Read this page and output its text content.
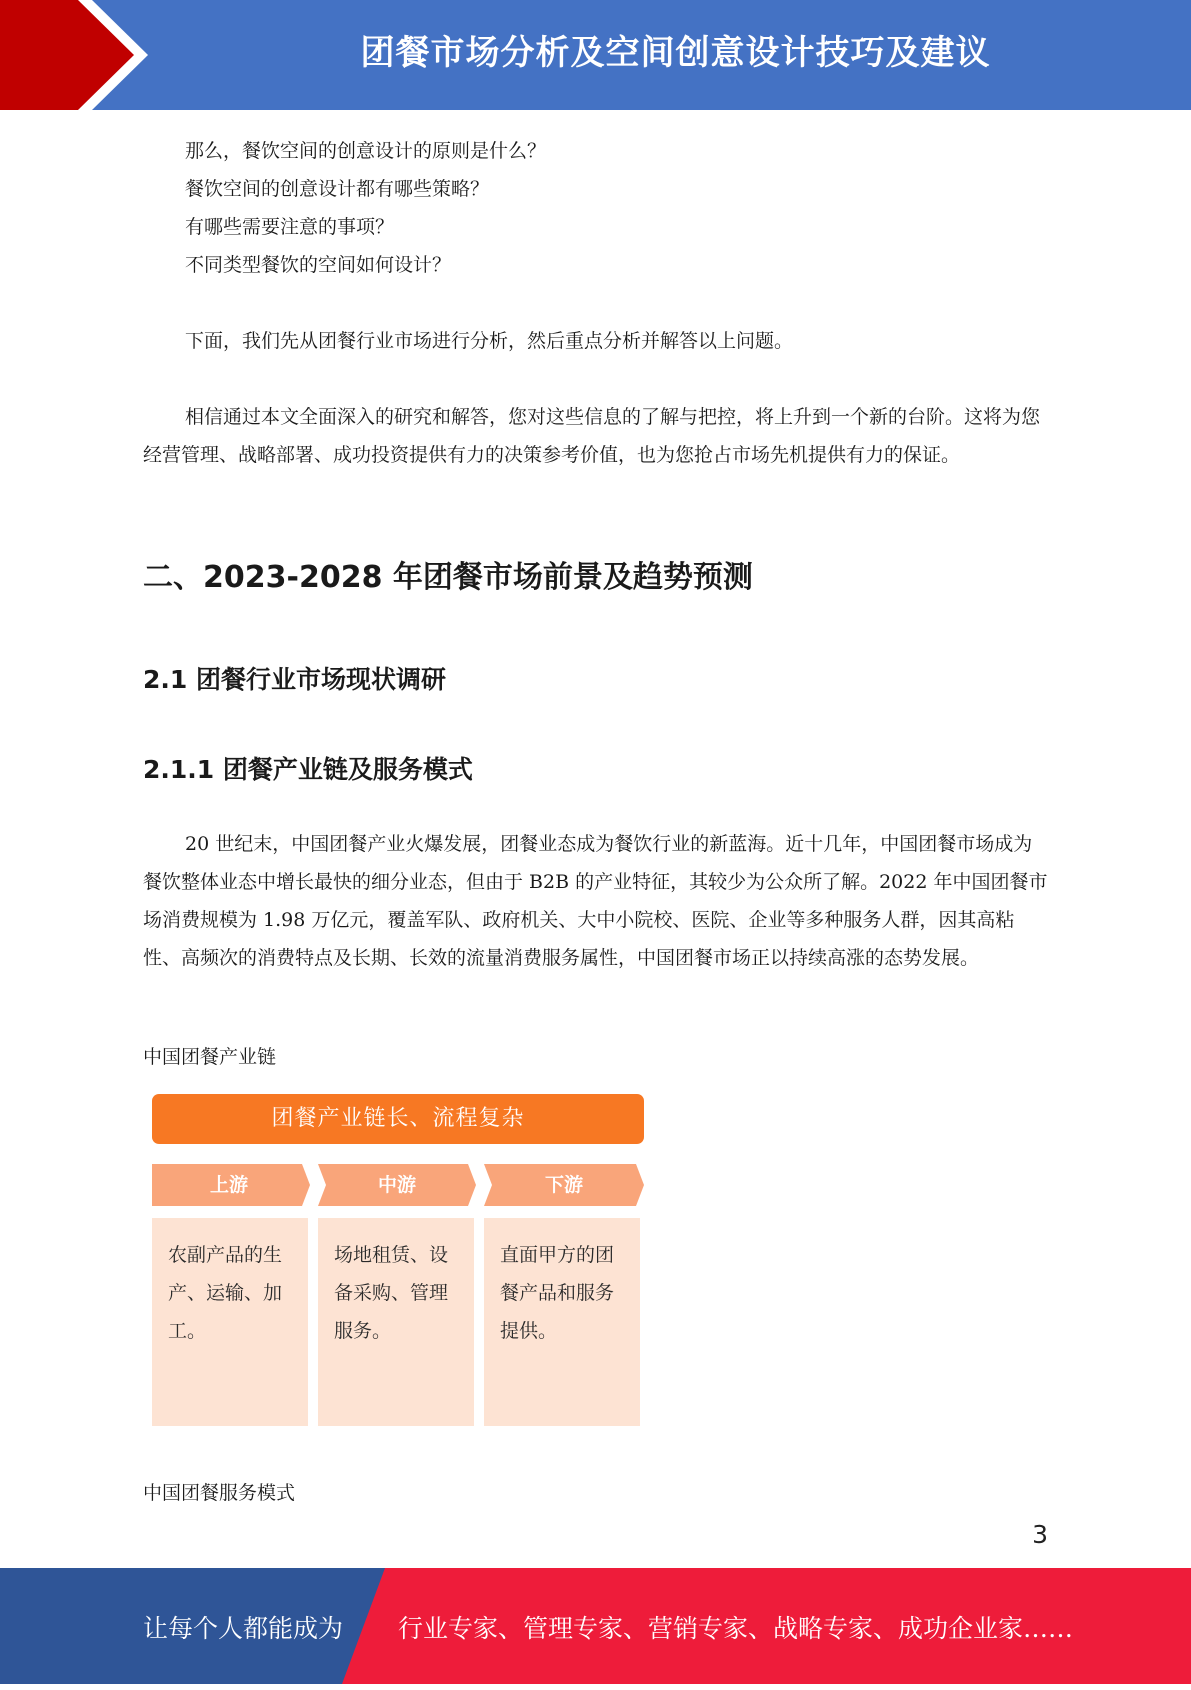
团餐市场分析及空间创意设计技巧及建议

那么，餐饮空间的创意设计的原则是什么？

餐饮空间的创意设计都有哪些策略？

有哪些需要注意的事项？

不同类型餐饮的空间如何设计？

下面，我们先从团餐行业市场进行分析，然后重点分析并解答以上问题。

相信通过本文全面深入的研究和解答，您对这些信息的了解与把控，将上升到一个新的台阶。这将为您经营管理、战略部署、成功投资提供有力的决策参考价值，也为您抢占市场先机提供有力的保证。

二、2023-2028 年团餐市场前景及趋势预测
2.1 团餐行业市场现状调研
2.1.1 团餐产业链及服务模式

20 世纪末，中国团餐产业火爆发展，团餐业态成为餐饮行业的新蓝海。近十几年，中国团餐市场成为餐饮整体业态中增长最快的细分业态，但由于 B2B 的产业特征，其较少为公众所了解。2022 年中国团餐市场消费规模为 1.98 万亿元，覆盖军队、政府机关、大中小院校、医院、企业等多种服务人群，因其高粘性、高频次的消费特点及长期、长效的流量消费服务属性，中国团餐市场正以持续高涨的态势发展。

中国团餐产业链

团餐产业链长、流程复杂
上游	中游	下游
农副产品的生产、运输、加工。
场地租赁、设备采购、管理服务。
直面甲方的团餐产品和服务提供。

中国团餐服务模式

3
让每个人都能成为 行业专家、管理专家、营销专家、战略专家、成功企业家……
